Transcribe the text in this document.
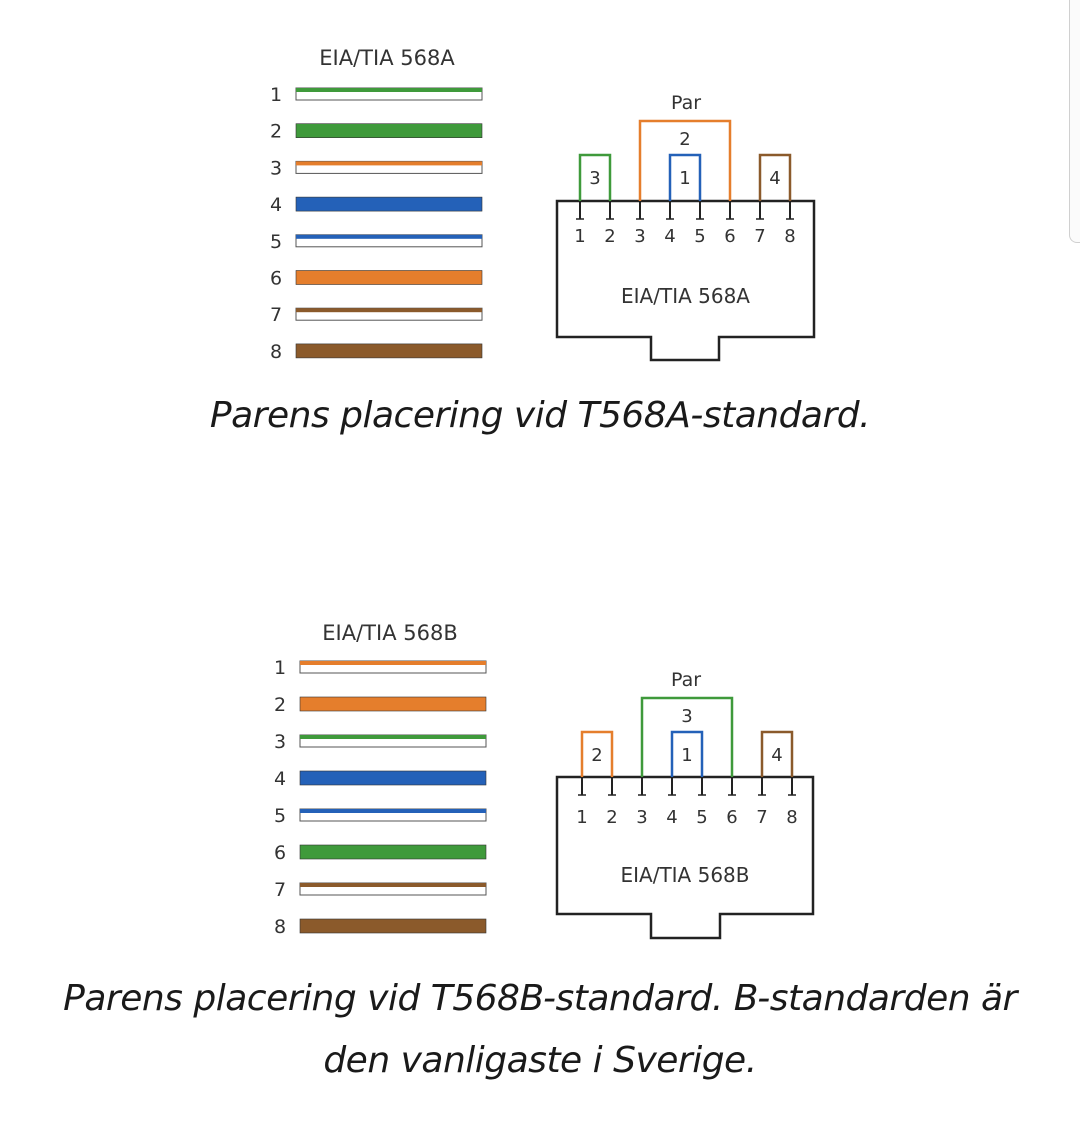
EIA/TIA 568A
1
2
3
4
5
6
7
8
1 2 3 4 5 6 7 8
EIA/TIA 568A
Par
3
2
1	4
EIA/TIA 568B
1
2
3
4
5
6
7
8
1 2 3 4 5 6 7 8
EIA/TIA 568B
Par
2
3
1	4

Parens placering vid T568A-standard.

Parens placering vid T568B-standard. B-standarden är
den vanligaste i Sverige.
